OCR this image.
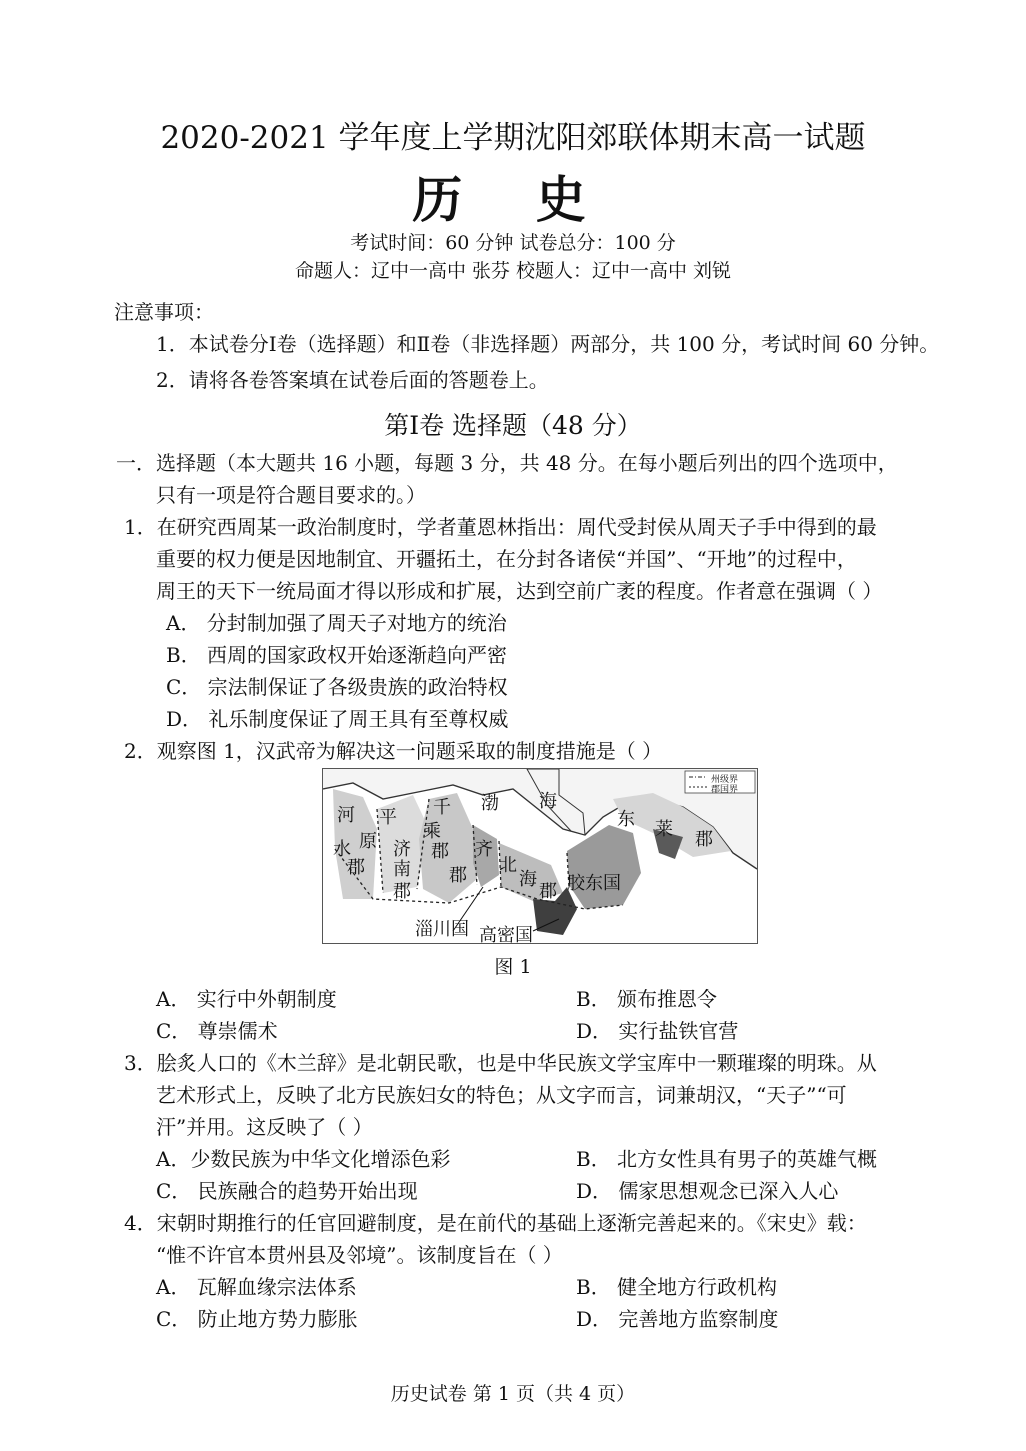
2020-2021 学年度上学期沈阳郊联体期末高一试题
历 史
考试时间：60 分钟 试卷总分：100 分
命题人：辽中一高中 张芬 校题人：辽中一高中 刘锐
注意事项：
1．本试卷分Ⅰ卷（选择题）和Ⅱ卷（非选择题）两部分，共 100 分，考试时间 60 分钟。
2．请将各卷答案填在试卷后面的答题卷上。
第Ⅰ卷 选择题（48 分）
一．选择题（本大题共 16 小题，每题 3 分，共 48 分。在每小题后列出的四个选项中，
只有一项是符合题目要求的。）
1．在研究西周某一政治制度时，学者董恩林指出：周代受封侯从周天子手中得到的最
重要的权力便是因地制宜、开疆拓土，在分封各诸侯“并国”、“开地”的过程中，
周王的天下一统局面才得以形成和扩展，达到空前广袤的程度。作者意在强调（ ）
A． 分封制加强了周天子对地方的统治
B． 西周的国家政权开始逐渐趋向严密
C． 宗法制保证了各级贵族的政治特权
D． 礼乐制度保证了周王具有至尊权威
2．观察图 1，汉武帝为解决这一问题采取的制度措施是（ ）
州级界
郡国界
河
水
郡
平
原 济
南
郡
千
乘
郡 齐
郡 北
海
郡
渤 海
东 莱 郡
胶东国
淄川国 高密国
图 1
A． 实行中外朝制度	B． 颁布推恩令
C． 尊崇儒术	D． 实行盐铁官营
3．脍炙人口的《木兰辞》是北朝民歌，也是中华民族文学宝库中一颗璀璨的明珠。从
艺术形式上，反映了北方民族妇女的特色；从文字而言，词兼胡汉，“天子”“可
汗”并用。这反映了（ ）
A．少数民族为中华文化增添色彩	B． 北方女性具有男子的英雄气概
C． 民族融合的趋势开始出现	D． 儒家思想观念已深入人心
4．宋朝时期推行的任官回避制度，是在前代的基础上逐渐完善起来的。《宋史》载：
“惟不许官本贯州县及邻境”。该制度旨在（ ）
A． 瓦解血缘宗法体系	B． 健全地方行政机构
C． 防止地方势力膨胀	D． 完善地方监察制度
历史试卷 第 1 页（共 4 页）
